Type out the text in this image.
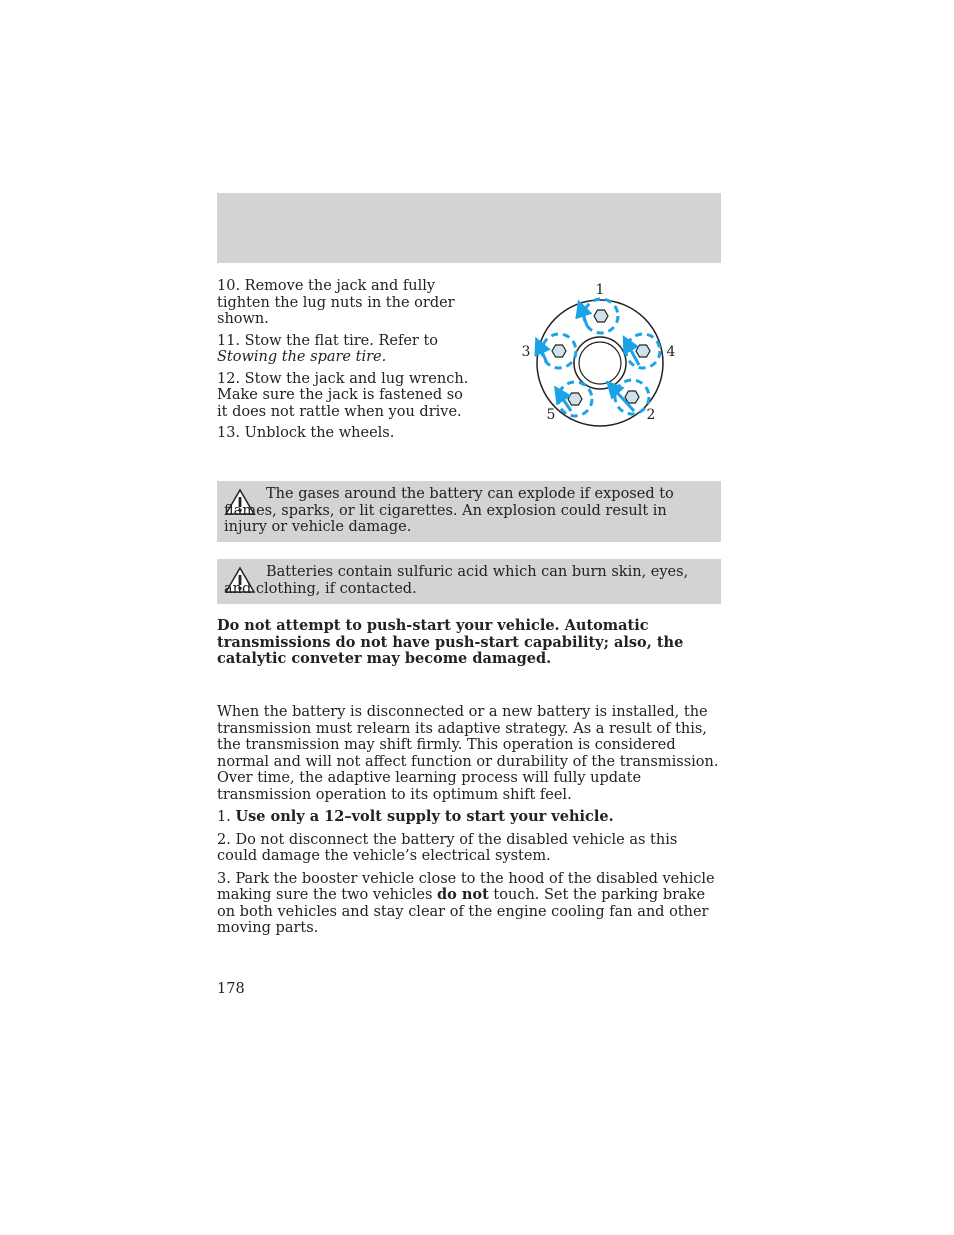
10. Remove the jack and fully tighten the lug nuts in the order shown.

11. Stow the flat tire. Refer to
Stowing the spare tire.

12. Stow the jack and lug wrench. Make sure the jack is fastened so it does not rattle when you drive.

13. Unblock the wheels.

1
3	4
5	2

The gases around the battery can explode if exposed to flames, sparks, or lit cigarettes. An explosion could result in injury or vehicle damage.

Batteries contain sulfuric acid which can burn skin, eyes, and clothing, if contacted.

Do not attempt to push-start your vehicle. Automatic transmissions do not have push-start capability; also, the catalytic conveter may become damaged.

When the battery is disconnected or a new battery is installed, the transmission must relearn its adaptive strategy. As a result of this, the transmission may shift firmly. This operation is considered normal and will not affect function or durability of the transmission. Over time, the adaptive learning process will fully update transmission operation to its optimum shift feel.

1. Use only a 12–volt supply to start your vehicle.

2. Do not disconnect the battery of the disabled vehicle as this could damage the vehicle’s electrical system.

3. Park the booster vehicle close to the hood of the disabled vehicle making sure the two vehicles do not touch. Set the parking brake on both vehicles and stay clear of the engine cooling fan and other moving parts.

178
